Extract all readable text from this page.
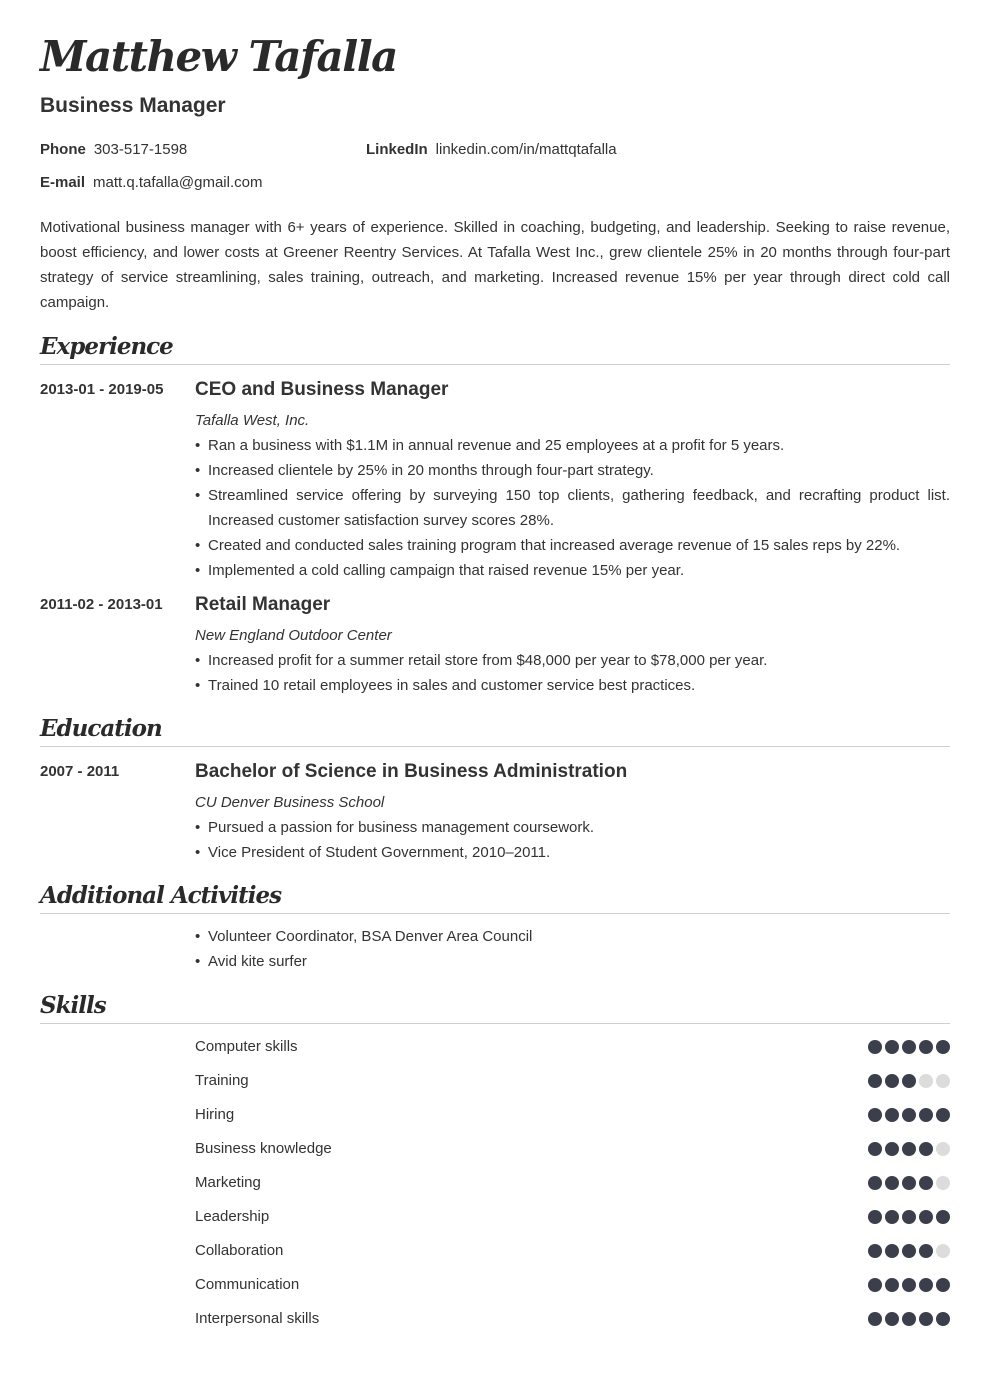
Matthew Tafalla
Business Manager
Phone 303-517-1598	LinkedIn linkedin.com/in/mattqtafalla
E-mail matt.q.tafalla@gmail.com
Motivational business manager with 6+ years of experience. Skilled in coaching, budgeting, and leadership. Seeking to raise revenue, boost efficiency, and lower costs at Greener Reentry Services. At Tafalla West Inc., grew clientele 25% in 20 months through four-part strategy of service streamlining, sales training, outreach, and marketing. Increased revenue 15% per year through direct cold call campaign.
Experience
2013-01 - 2019-05 CEO and Business Manager
Tafalla West, Inc.
• Ran a business with $1.1M in annual revenue and 25 employees at a profit for 5 years.
• Increased clientele by 25% in 20 months through four-part strategy.
• Streamlined service offering by surveying 150 top clients, gathering feedback, and recrafting product list. Increased customer satisfaction survey scores 28%.
• Created and conducted sales training program that increased average revenue of 15 sales reps by 22%.
• Implemented a cold calling campaign that raised revenue 15% per year.
2011-02 - 2013-01 Retail Manager
New England Outdoor Center
• Increased profit for a summer retail store from $48,000 per year to $78,000 per year.
• Trained 10 retail employees in sales and customer service best practices.
Education
2007 - 2011	Bachelor of Science in Business Administration
CU Denver Business School
• Pursued a passion for business management coursework.
• Vice President of Student Government, 2010–2011.
Additional Activities
• Volunteer Coordinator, BSA Denver Area Council
• Avid kite surfer
Skills
Computer skills
Training
Hiring
Business knowledge
Marketing
Leadership
Collaboration
Communication
Interpersonal skills
